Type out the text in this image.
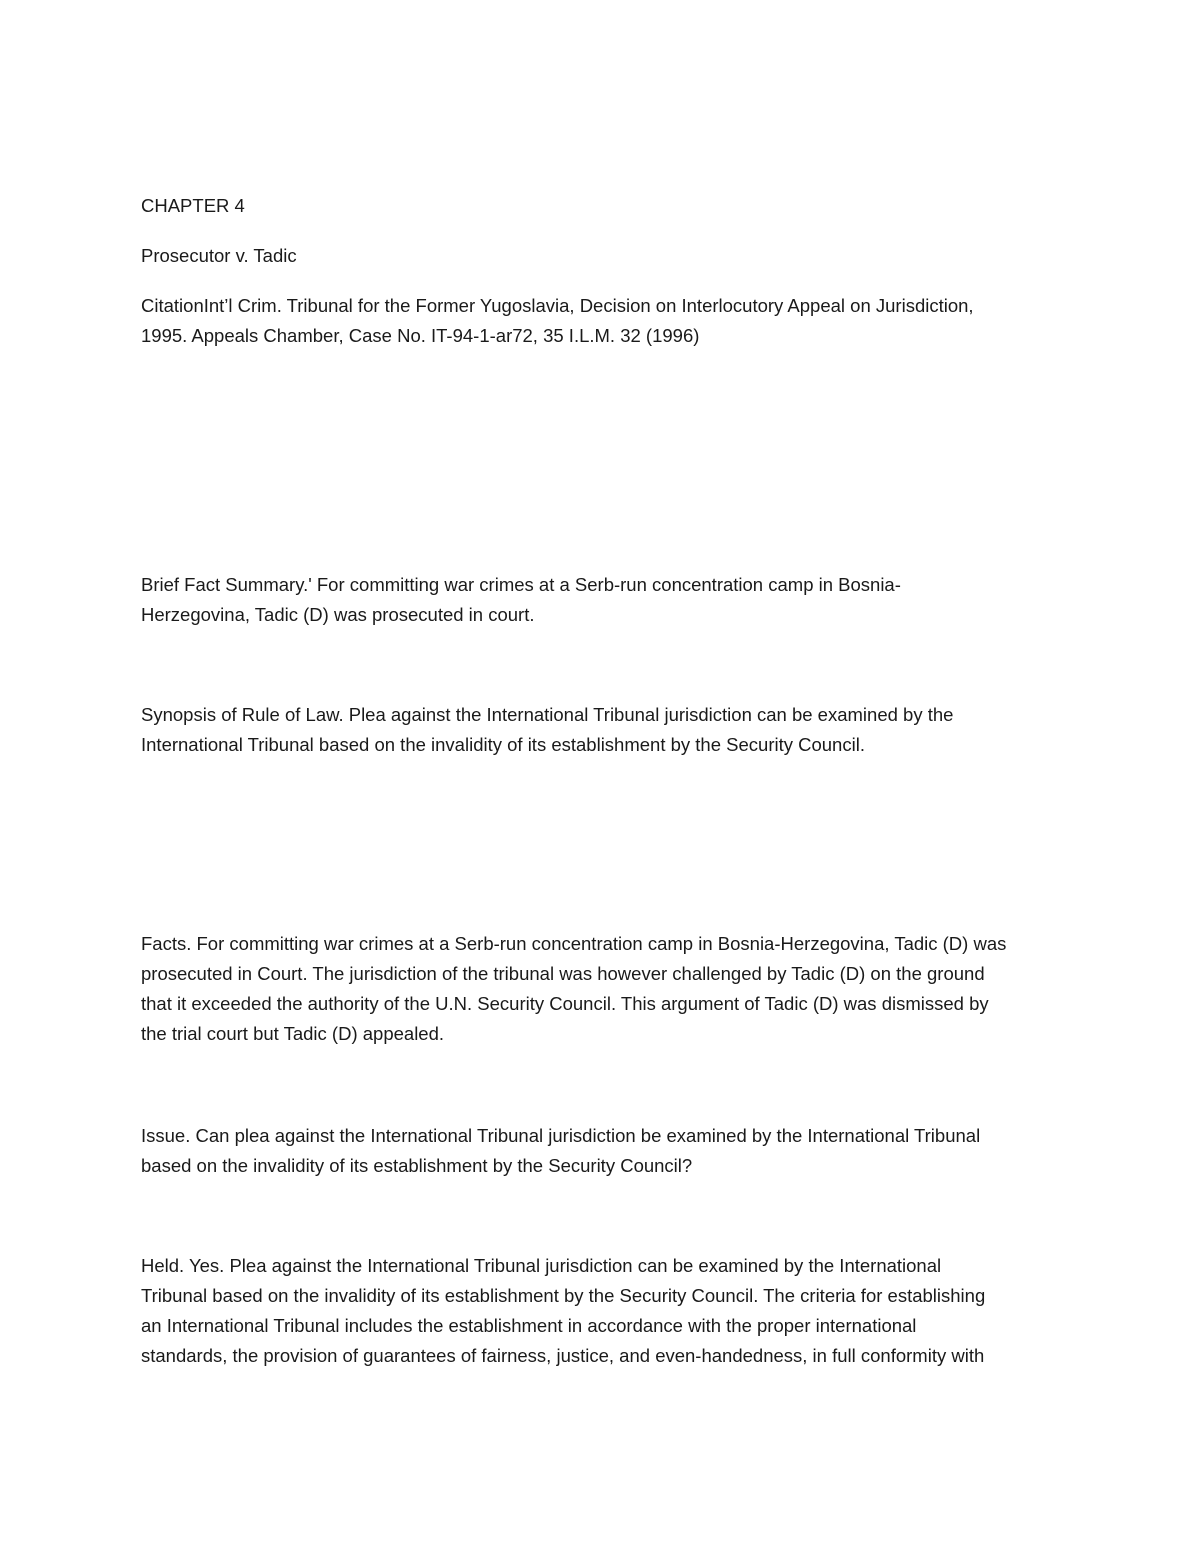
CHAPTER 4

Prosecutor v. Tadic

CitationInt’l Crim. Tribunal for the Former Yugoslavia, Decision on Interlocutory Appeal on Jurisdiction,

1995. Appeals Chamber, Case No. IT-94-1-ar72, 35 I.L.M. 32 (1996)

Brief Fact Summary.' For committing war crimes at a Serb-run concentration camp in Bosnia-

Herzegovina, Tadic (D) was prosecuted in court.

Synopsis of Rule of Law. Plea against the International Tribunal jurisdiction can be examined by the

International Tribunal based on the invalidity of its establishment by the Security Council.

Facts. For committing war crimes at a Serb-run concentration camp in Bosnia-Herzegovina, Tadic (D) was

prosecuted in Court. The jurisdiction of the tribunal was however challenged by Tadic (D) on the ground

that it exceeded the authority of the U.N. Security Council. This argument of Tadic (D) was dismissed by

the trial court but Tadic (D) appealed.

Issue. Can plea against the International Tribunal jurisdiction be examined by the International Tribunal

based on the invalidity of its establishment by the Security Council?

Held. Yes. Plea against the International Tribunal jurisdiction can be examined by the International

Tribunal based on the invalidity of its establishment by the Security Council. The criteria for establishing

an International Tribunal includes the establishment in accordance with the proper international

standards, the provision of guarantees of fairness, justice, and even-handedness, in full conformity with
